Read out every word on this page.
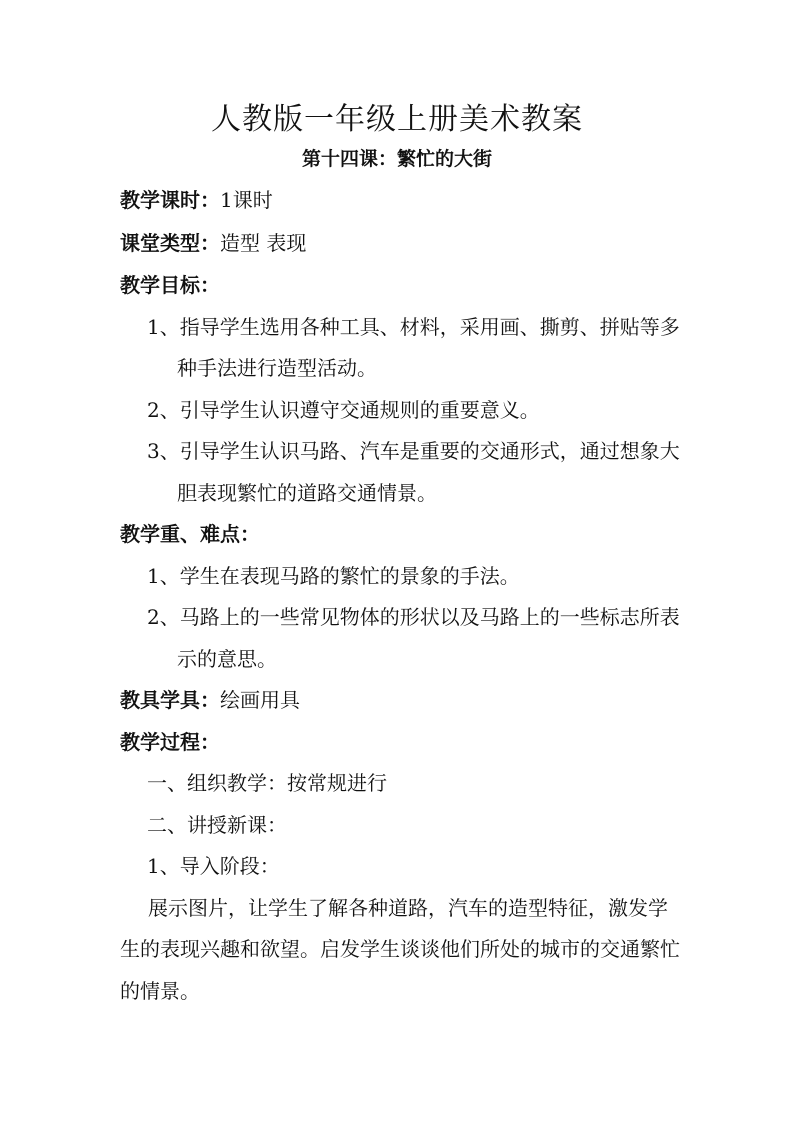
人教版一年级上册美术教案
第十四课：繁忙的大街
教学课时：1课时
课堂类型：造型 表现
教学目标：
1、指导学生选用各种工具、材料，采用画、撕剪、拼贴等多
种手法进行造型活动。
2、引导学生认识遵守交通规则的重要意义。
3、引导学生认识马路、汽车是重要的交通形式，通过想象大
胆表现繁忙的道路交通情景。
教学重、难点：
1、学生在表现马路的繁忙的景象的手法。
2、马路上的一些常见物体的形状以及马路上的一些标志所表
示的意思。
教具学具：绘画用具
教学过程：
一、组织教学：按常规进行
二、讲授新课：
1、导入阶段：
展示图片，让学生了解各种道路，汽车的造型特征，激发学
生的表现兴趣和欲望。启发学生谈谈他们所处的城市的交通繁忙
的情景。
